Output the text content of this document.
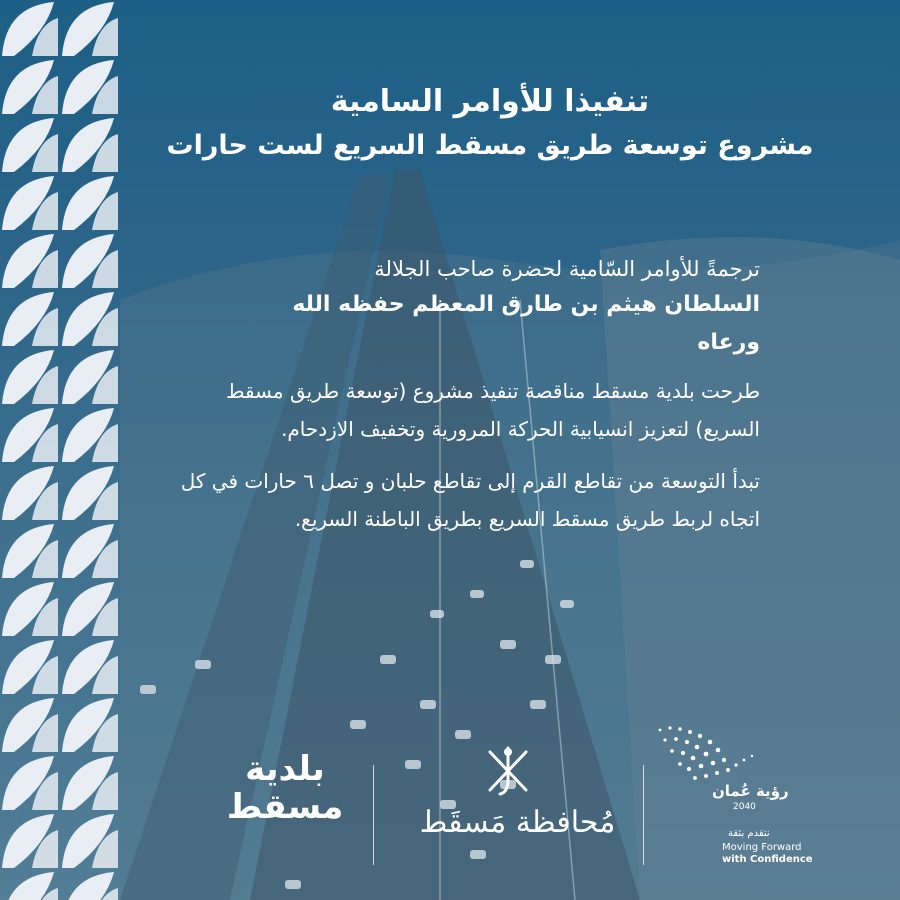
تنفيذا للأوامر السامية
مشروع توسعة طريق مسقط السريع لست حارات

ترجمةً للأوامر السّامية لحضرة صاحب الجلالة

السلطان هيثم بن طارق المعظم حفظه الله
ورعاه

طرحت بلدية مسقط مناقصة تنفيذ مشروع (توسعة طريق مسقط السريع) لتعزيز انسيابية الحركة المرورية وتخفيف الازدحام.

تبدأ التوسعة من تقاطع القرم إلى تقاطع حلبان و تصل ٦ حارات في كل اتجاه لربط طريق مسقط السريع بطريق الباطنة السريع.

بلدية
مسقط	مُحافظة مَسقَط
رؤية عُمان
2040
نتقدم بثقة
Moving Forward
with Confidence
